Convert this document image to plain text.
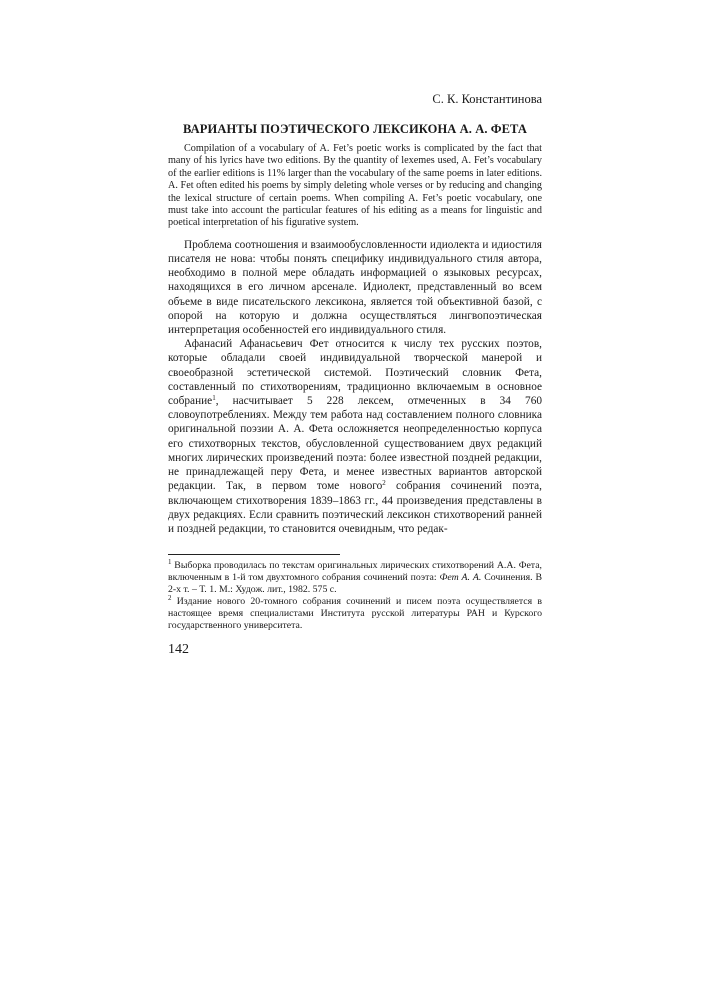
С. К. Константинова
ВАРИАНТЫ ПОЭТИЧЕСКОГО ЛЕКСИКОНА А. А. ФЕТА

Compilation of a vocabulary of A. Fet’s poetic works is complicated by the fact that many of his lyrics have two editions. By the quantity of lexemes used, A. Fet’s vocabulary of the earlier editions is 11% larger than the vocabulary of the same poems in later editions. A. Fet often edited his poems by simply deleting whole verses or by reducing and changing the lexical structure of certain poems. When compiling A. Fet’s poetic vocabulary, one must take into account the particular features of his editing as a means for linguistic and poetical interpretation of his figurative system.

Проблема соотношения и взаимообусловленности идиолекта и идиостиля писателя не нова: чтобы понять специфику индивидуального стиля автора, необходимо в полной мере обладать информацией о языковых ресурсах, находящихся в его личном арсенале. Идиолект, представленный во всем объеме в виде писательского лексикона, является той объективной базой, с опорой на которую и должна осуществляться лингвопоэтическая интерпретация особенностей его индивидуального стиля.

Афанасий Афанасьевич Фет относится к числу тех русских поэтов, которые обладали своей индивидуальной творческой манерой и своеобразной эстетической системой. Поэтический словник Фета, составленный по стихотворениям, традиционно включаемым в основное собрание$^1$, насчитывает 5 228 лексем, отмеченных в 34 760 словоупотреблениях. Между тем работа над составлением полного словника оригинальной поэзии А. А. Фета осложняется неопределенностью корпуса его стихотворных текстов, обусловленной существованием двух редакций многих лирических произведений поэта: более известной поздней редакции, не принадлежащей перу Фета, и менее известных вариантов авторской редакции. Так, в первом томе нового$^2$ собрания сочинений поэта, включающем стихотворения 1839–1863 гг., 44 произведения представлены в двух редакциях. Если сравнить поэтический лексикон стихотворений ранней и поздней редакции, то становится очевидным, что редак-

$^1$ Выборка проводилась по текстам оригинальных лирических стихотворений А.А. Фета, включенным в 1-й том двухтомного собрания сочинений поэта: Фет А. А. Сочинения. В 2-х т. – Т. 1. М.: Худож. лит., 1982. 575 с.

$^2$ Издание нового 20-томного собрания сочинений и писем поэта осуществляется в настоящее время специалистами Института русской литературы РАН и Курского государственного университета.

142
